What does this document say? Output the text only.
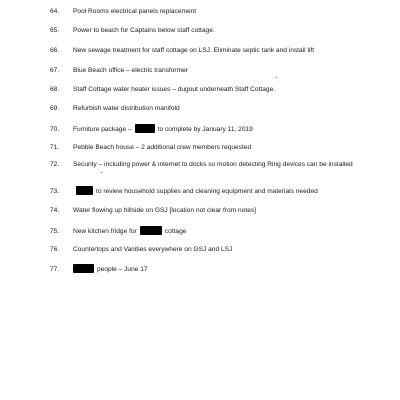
64. Pool Rooms electrical panels replacement
65. Power to beach for Captains below staff cottage.
66. New sewage treatment for staff cottage on LSJ. Eliminate septic tank and install lift
67. Blue Beach office – electric transformer
68. Staff Cottage water heater issues – dugout underneath Staff Cottage.
69. Refurbish water distribution manifold
70. Furniture package –	to complete by January 11, 2019
71. Pebble Beach house – 2 additional crew members requested
72. Security – including power & internet to docks so motion detecting Ring devices can be installed
73.	to review household supplies and cleaning equipment and materials needed
74. Water flowing up hillside on GSJ [location not clear from notes]
75. New kitchen fridge for	cottage
76. Countertops and Vanities everywhere on GSJ and LSJ
77.	people – June 17
